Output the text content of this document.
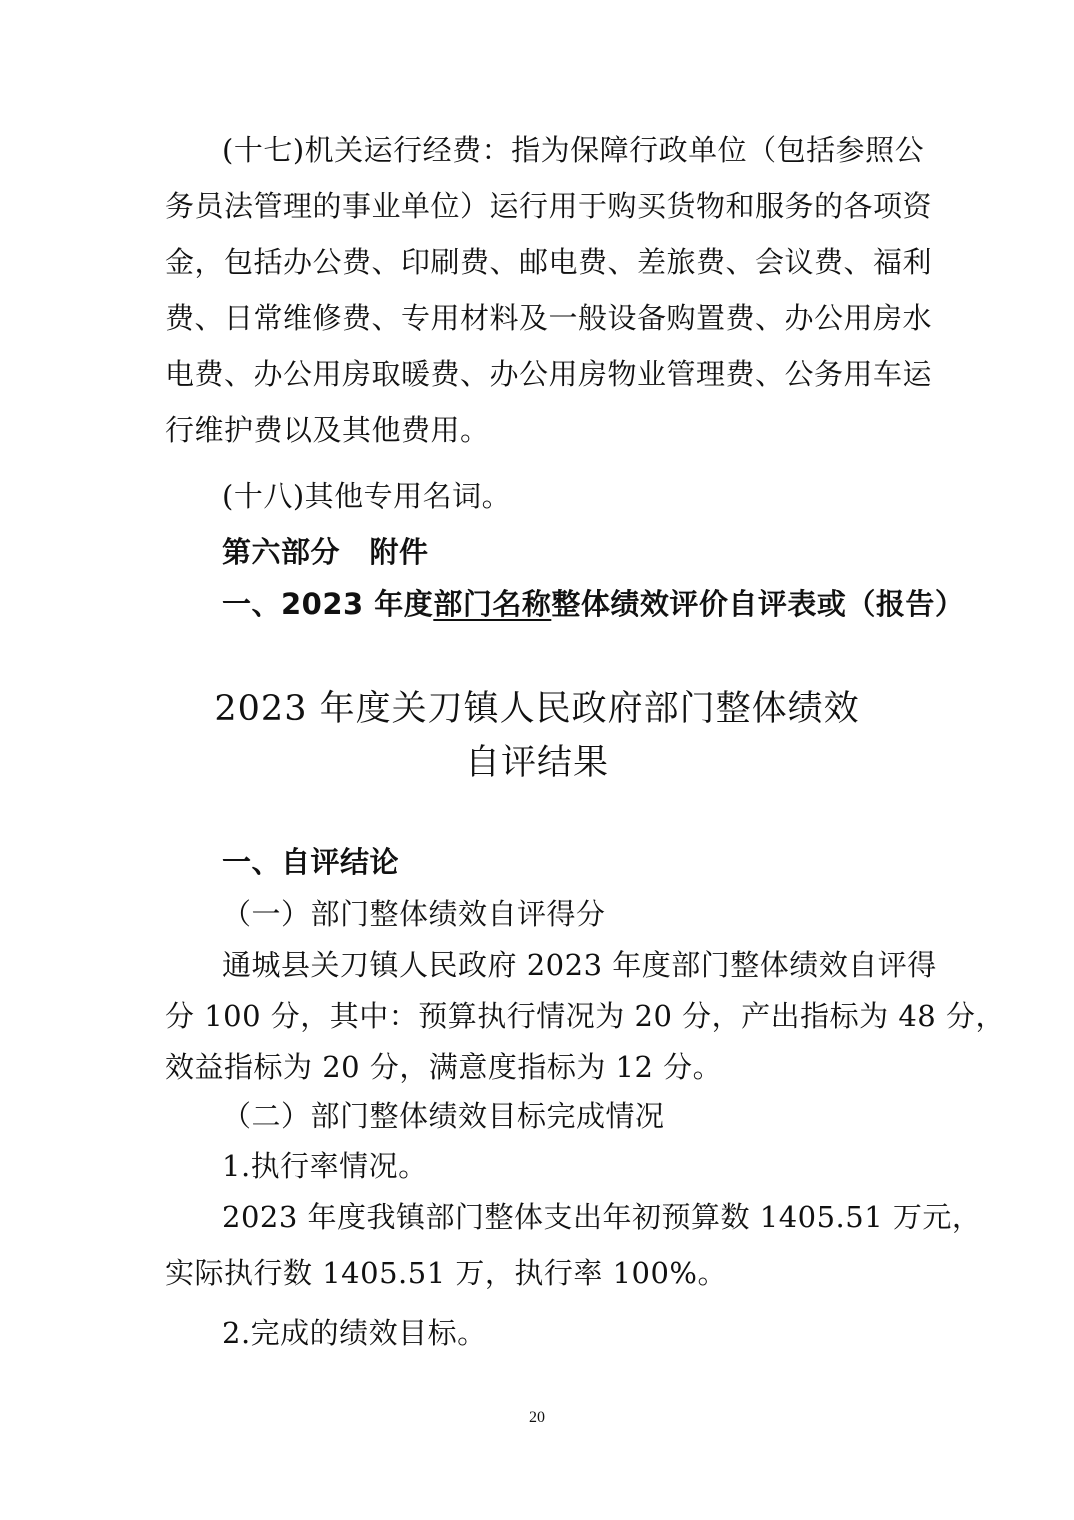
(十七)机关运行经费：指为保障行政单位（包括参照公
务员法管理的事业单位）运行用于购买货物和服务的各项资
金，包括办公费、印刷费、邮电费、差旅费、会议费、福利
费、日常维修费、专用材料及一般设备购置费、办公用房水
电费、办公用房取暖费、办公用房物业管理费、公务用车运
行维护费以及其他费用。
(十八)其他专用名词。
第六部分　附件
一、2023 年度部门名称整体绩效评价自评表或（报告）
2023 年度关刀镇人民政府部门整体绩效
自评结果
一、自评结论
（一）部门整体绩效自评得分
通城县关刀镇人民政府 2023 年度部门整体绩效自评得
分 100 分，其中：预算执行情况为 20 分，产出指标为 48 分，
效益指标为 20 分，满意度指标为 12 分。
（二）部门整体绩效目标完成情况
1.执行率情况。
2023 年度我镇部门整体支出年初预算数 1405.51 万元，
实际执行数 1405.51 万，执行率 100%。
2.完成的绩效目标。
20
